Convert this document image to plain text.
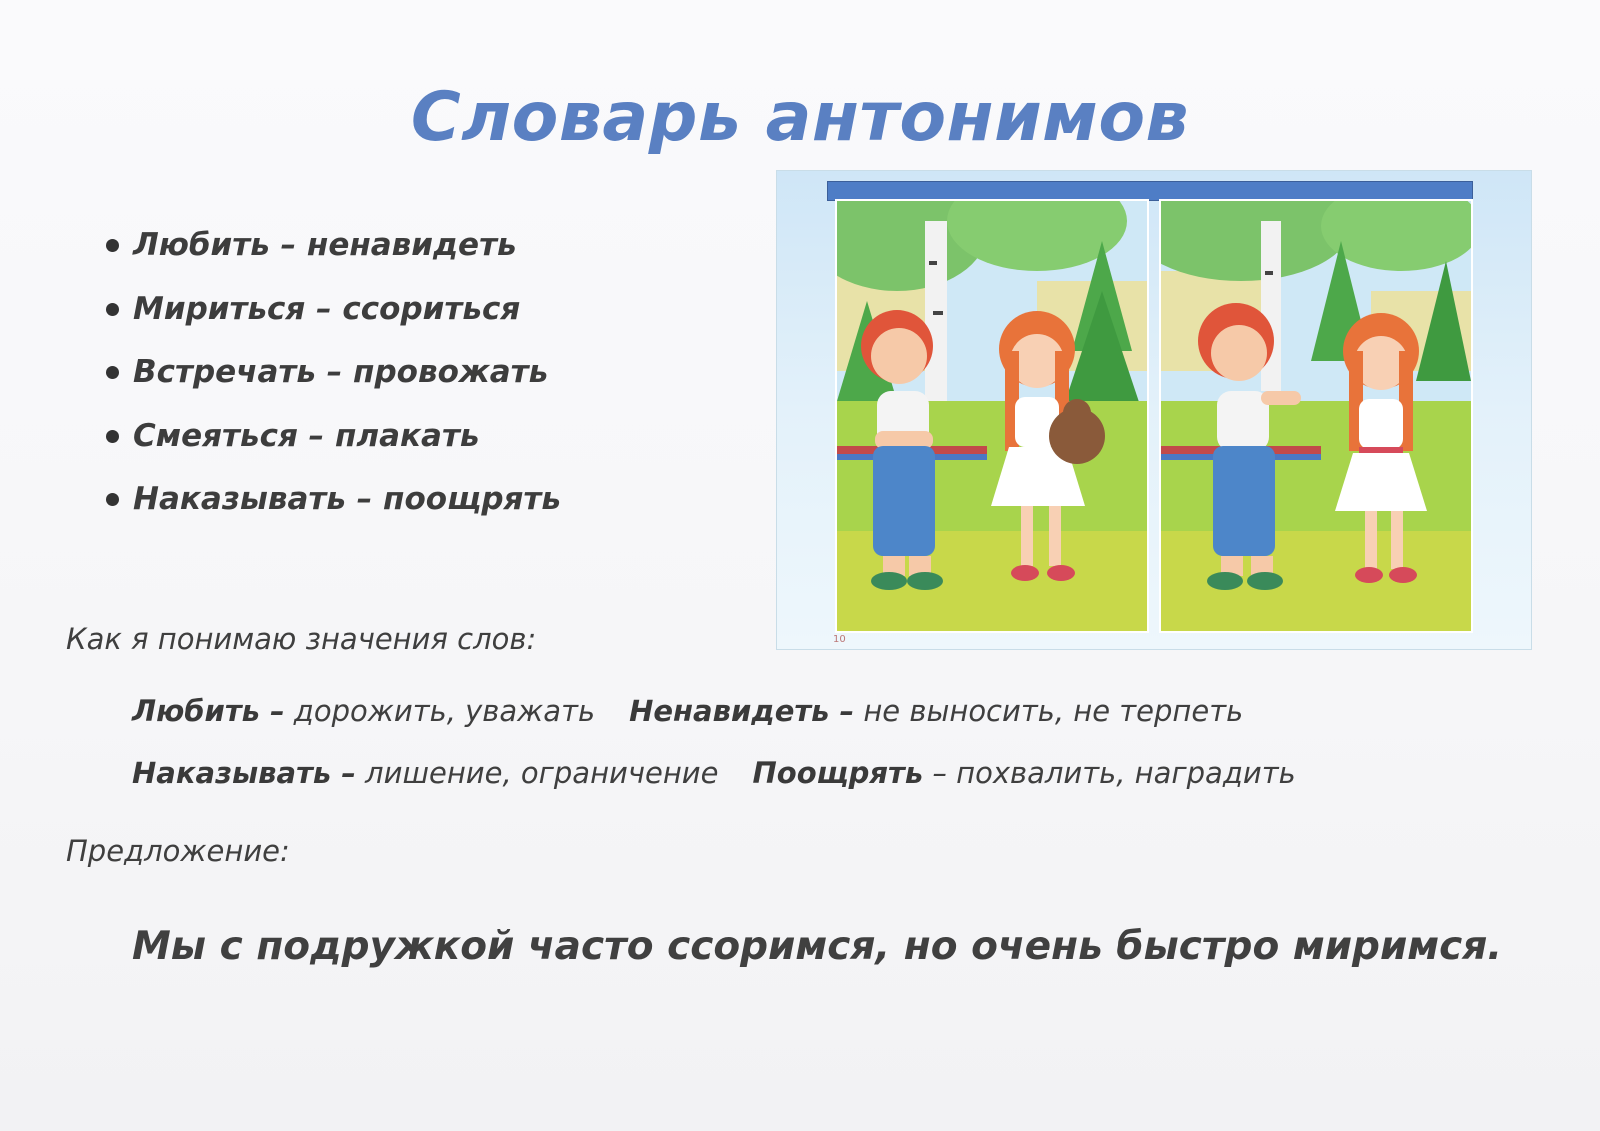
Словарь антонимов
Любить – ненавидеть
Мириться – ссориться
Встречать – провожать
Смеяться – плакать
Наказывать – поощрять
10
Как я понимаю значения слов:
Любить – дорожить, уважать Ненавидеть – не выносить, не терпеть
Наказывать – лишение, ограничение Поощрять – похвалить, наградить
Предложение:
Мы с подружкой часто ссоримся, но очень быстро миримся.
